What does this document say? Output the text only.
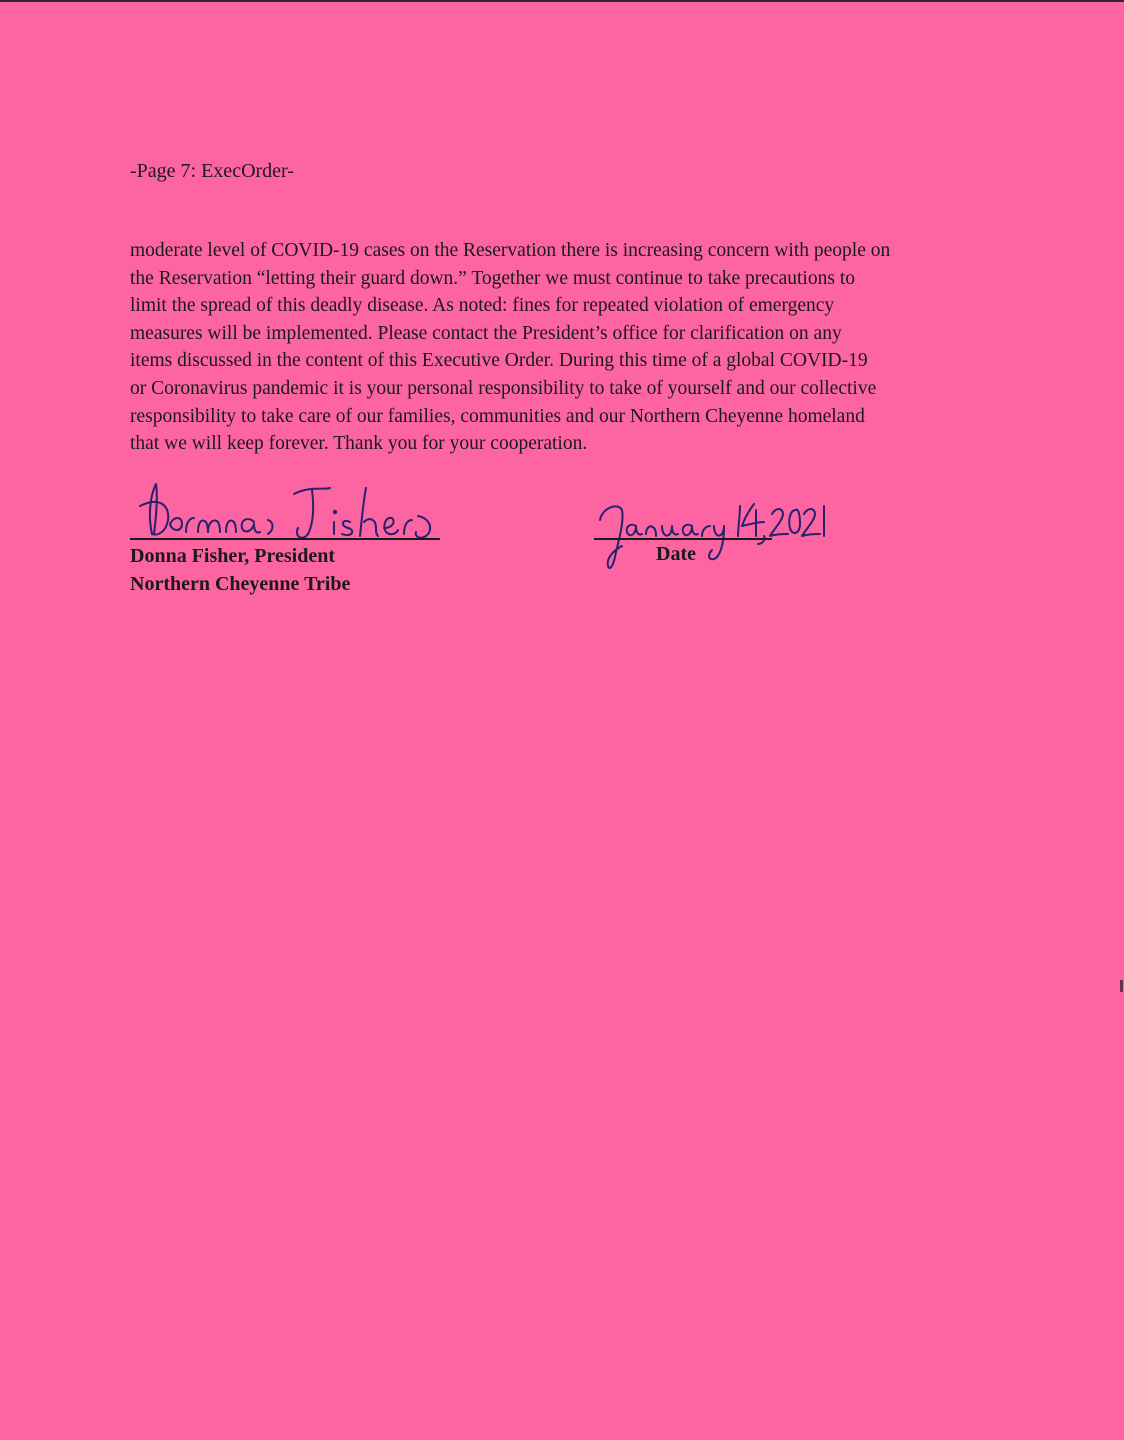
-Page 7: ExecOrder-
moderate level of COVID-19 cases on the Reservation there is increasing concern with people on
the Reservation “letting their guard down.” Together we must continue to take precautions to
limit the spread of this deadly disease. As noted: fines for repeated violation of emergency
measures will be implemented. Please contact the President’s office for clarification on any
items discussed in the content of this Executive Order. During this time of a global COVID-19
or Coronavirus pandemic it is your personal responsibility to take of yourself and our collective
responsibility to take care of our families, communities and our Northern Cheyenne homeland
that we will keep forever. Thank you for your cooperation.
Donna Fisher, President
Northern Cheyenne Tribe
Date
